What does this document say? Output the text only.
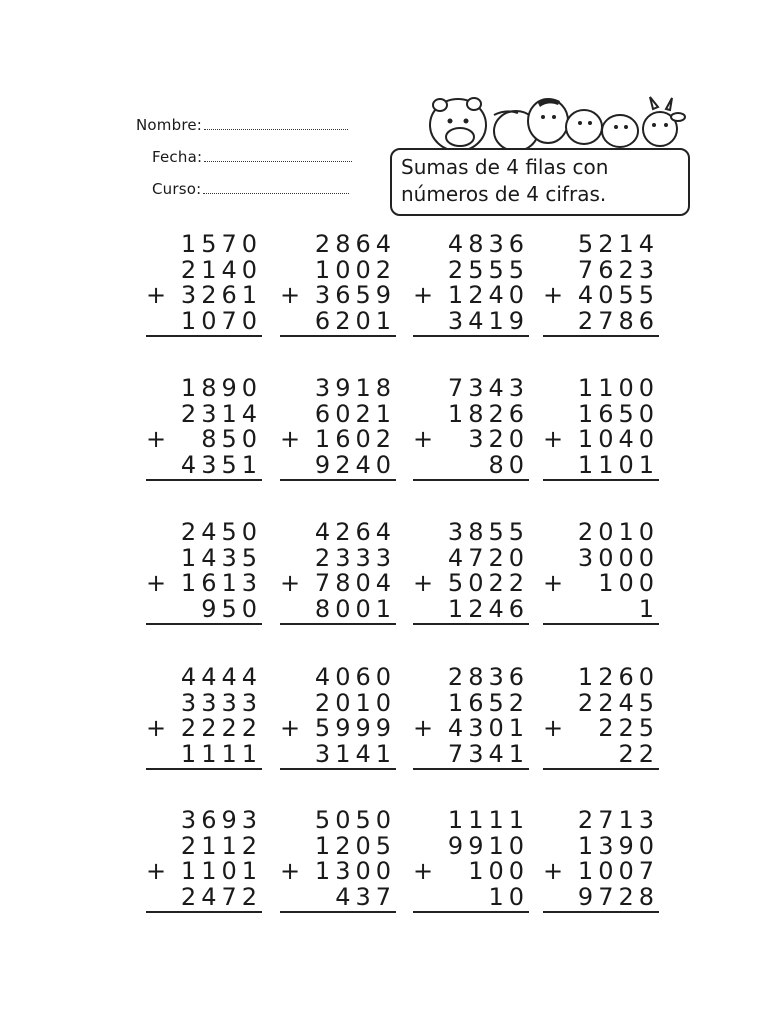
Nombre:
Fecha:
Curso:
Sumas de 4 filas con
números de 4 cifras.
1570
2140
+ 3261
1070
2864
1002
+ 3659
6201
4836
2555
+ 1240
3419
5214
7623
+ 4055
2786
1890
2314
+ 850
4351
3918
6021
+ 1602
9240
7343
1826
+ 320
80
1100
1650
+ 1040
1101
2450
1435
+ 1613
950
4264
2333
+ 7804
8001
3855
4720
+ 5022
1246
2010
3000
+ 100
1
4444
3333
+ 2222
1111
4060
2010
+ 5999
3141
2836
1652
+ 4301
7341
1260
2245
+ 225
22
3693
2112
+ 1101
2472
5050
1205
+ 1300
437
1111
9910
+ 100
10
2713
1390
+ 1007
9728
